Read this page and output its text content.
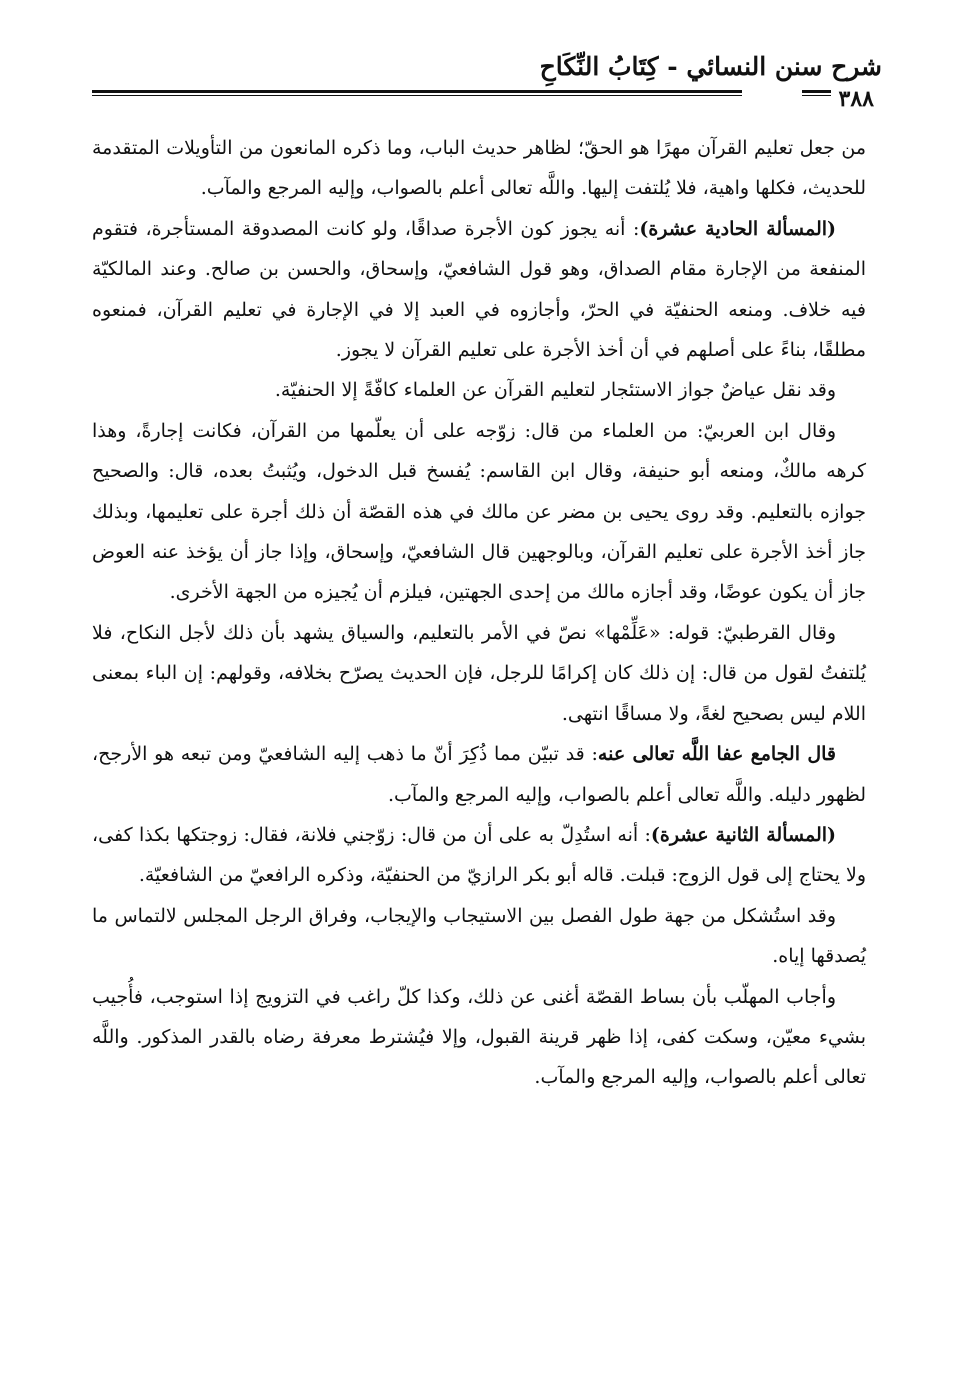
شرح سنن النسائي - كِتَابُ النِّكَاحِ
٣٨٨

من جعل تعليم القرآن مهرًا هو الحقّ؛ لظاهر حديث الباب، وما ذكره المانعون من التأويلات المتقدمة للحديث، فكلها واهية، فلا يُلتفت إليها. واللَّه تعالى أعلم بالصواب، وإليه المرجع والمآب.

(المسألة الحادية عشرة): أنه يجوز كون الأجرة صداقًا، ولو كانت المصدوقة المستأجرة، فتقوم المنفعة من الإجارة مقام الصداق، وهو قول الشافعيّ، وإسحاق، والحسن بن صالح. وعند المالكيّة فيه خلاف. ومنعه الحنفيّة في الحرّ، وأجازوه في العبد إلا في الإجارة في تعليم القرآن، فمنعوه مطلقًا، بناءً على أصلهم في أن أخذ الأجرة على تعليم القرآن لا يجوز.

وقد نقل عياضٌ جواز الاستئجار لتعليم القرآن عن العلماء كافّةً إلا الحنفيّة.

وقال ابن العربيّ: من العلماء من قال: زوّجه على أن يعلّمها من القرآن، فكانت إجارةً، وهذا كرهه مالكٌ، ومنعه أبو حنيفة، وقال ابن القاسم: يُفسخ قبل الدخول، ويُثبتُ بعده، قال: والصحيح جوازه بالتعليم. وقد روى يحيى بن مضر عن مالك في هذه القصّة أن ذلك أجرة على تعليمها، وبذلك جاز أخذ الأجرة على تعليم القرآن، وبالوجهين قال الشافعيّ، وإسحاق، وإذا جاز أن يؤخذ عنه العوض جاز أن يكون عوضًا، وقد أجازه مالك من إحدى الجهتين، فيلزم أن يُجيزه من الجهة الأخرى.

وقال القرطبيّ: قوله: «عَلِّمْها» نصّ في الأمر بالتعليم، والسياق يشهد بأن ذلك لأجل النكاح، فلا يُلتفتُ لقول من قال: إن ذلك كان إكرامًا للرجل، فإن الحديث يصرّح بخلافه، وقولهم: إن الباء بمعنى اللام ليس بصحيح لغةً، ولا مساقًا انتهى.

قال الجامع عفا اللَّه تعالى عنه: قد تبيّن مما ذُكِرَ أنّ ما ذهب إليه الشافعيّ ومن تبعه هو الأرجح، لظهور دليله. واللَّه تعالى أعلم بالصواب، وإليه المرجع والمآب.

(المسألة الثانية عشرة): أنه استُدِلّ به على أن من قال: زوّجني فلانة، فقال: زوجتكها بكذا كفى، ولا يحتاج إلى قول الزوج: قبلت. قاله أبو بكر الرازيّ من الحنفيّة، وذكره الرافعيّ من الشافعيّة.

وقد استُشكل من جهة طول الفصل بين الاستيجاب والإيجاب، وفراق الرجل المجلس لالتماس ما يُصدقها إياه.

وأجاب المهلّب بأن بساط القصّة أغنى عن ذلك، وكذا كلّ راغب في التزويج إذا استوجب، فأُجيب بشيء معيّن، وسكت كفى، إذا ظهر قرينة القبول، وإلا فيُشترط معرفة رضاه بالقدر المذكور. واللَّه تعالى أعلم بالصواب، وإليه المرجع والمآب.
